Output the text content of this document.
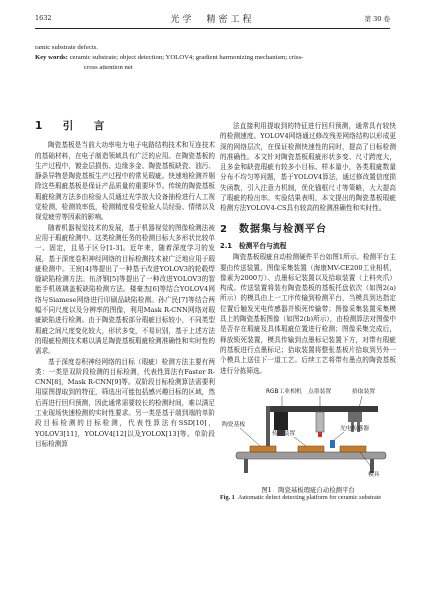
1632	光学　精密工程	第 30 卷

ramic substrate defects.

Key words: ceramic substrate; object detection; YOLOV4; gradient harmonizing mechanism; criss-
cross attention net

1　引　言

陶瓷基板是当前大功率电力电子电路结构技术和互连技术的基础材料，在电子制造领域具有广泛的应用。在陶瓷基板的生产过程中，镀金层损伤、边缘多金、陶瓷基板缺瓷、油污、静条异物是陶瓷基板生产过程中的常见瑕疵。快速地检测并剔除这些瑕疵基板是保证产品质量的重要环节。传统的陶瓷基板瑕疵检测方法多由检验人员通过光学放大设备抽检进行人工视觉检测，检测效率低，检测精度易受检验人员经验、情绪以及视觉疲劳等因素的影响。

随着机器视觉技术的发展，基于机器视觉的图像检测法被应用于瑕疵检测中。这类检测任务的检测目标大多形状比较单一、固定，且易于区分[1-3]。近年来，随着深度学习的发展，基于深度卷积神经网络的目标检测技术被广泛地应用于瑕疵检测中。王宸[4]等提出了一种基于改进YOLOV3的轮毂焊缝缺陷检测方法。伍济钢[5]等提出了一种改进YOLOV3的智能手机玻璃盖板缺陷检测方法。楼豪杰[6]等结合YOLOV4网络与Siamese网络进行印刷品缺陷检测。孙广民[7]等结合两幅不同尺度以及分辨率的图像，利用Mask R-CNN网络对瑕疵缺陷进行检测。由于陶瓷基板部分瑕疵目标较小，不同类型瑕疵之间尺度变化较大，形状多变，不易识别，基于上述方法的瑕疵检测技术难以满足陶瓷基板瑕疵检测准确性和实时性的需求。

基于深度卷积神经网络的目标（瑕疵）检测方法主要有两类：一类是双阶段检测的目标检测，代表性算法有Faster R-CNN[8]，Mask R-CNN[9]等。双阶段目标检测算法需要利用原图提取到的特征，筛选出可能包括感兴趣目标的区域，然后再进行回归预测，因此通常需要较长的检测时间，难以满足工业现场快速检测的实时性要求。另一类是基于端到端的单阶段目标检测的目标检测，代表性算法有SSD[10]，YOLOV3[11]，YOLOV4[12]以及YOLOX[13]等。单阶段目标检测算

法直接利用提取到的特征进行回归预测，通常具有较快的检测速度。YOLOV4网络通过修改残差网络结构以形成更深的网络层次，在保证检测快速性的同时，提高了目标检测的准确性。本文针对陶瓷基板瑕疵形状多变、尺寸跨度大，且多金和缺瓷瑕疵有较多小目标、样本量小，各类瑕疵数量分布不均匀等问题，基于YOLOV4算法，通过修改置信度损失函数，引入注意力机制，优化锚框尺寸等策略，大大提高了瑕疵的检出率。实验结果表明，本文提出的陶瓷基板瑕疵检测方法YOLOV4-CS具有较高的检测准确性和实时性。

2　数据集与检测平台
2.1　检测平台与流程

陶瓷基板瑕疵自动检测硬件平台如图1所示。检测平台主要由传送装置、图像采集装置（海康MV-CE200工业相机，像素为2000万）、点墨标记装置以及拾取装置（上料夹爪）构成。传送装置将装有陶瓷基板的基板托盘依次（如图2(a)所示）的模具由上一工序传输到检测平台，当模具到达指定位置后触发光电传感器并锁死传输带；图像采集装置采集模具上的陶瓷基板图像（如图2(b)所示），由检测算法对图像中是否存在瑕疵及具体瑕疵位置进行检测；图像采集完成后，释放锁死装置，模具传输到点墨标记装置下方，对带有瑕疵的基板进行点墨标记；拾取装置将整张基板片拾取到另外一个模具上送往下一道工艺。后续工艺将带有墨点的陶瓷基板进行分拣筛选。

RGB工业相机 点墨装置	拾取装置
陶瓷基板
传送装置
光电传感器
模具
图1　陶瓷基板瑕疵自动检测平台
Fig. 1 Automatic defect detecting platform for ceramic substrate
